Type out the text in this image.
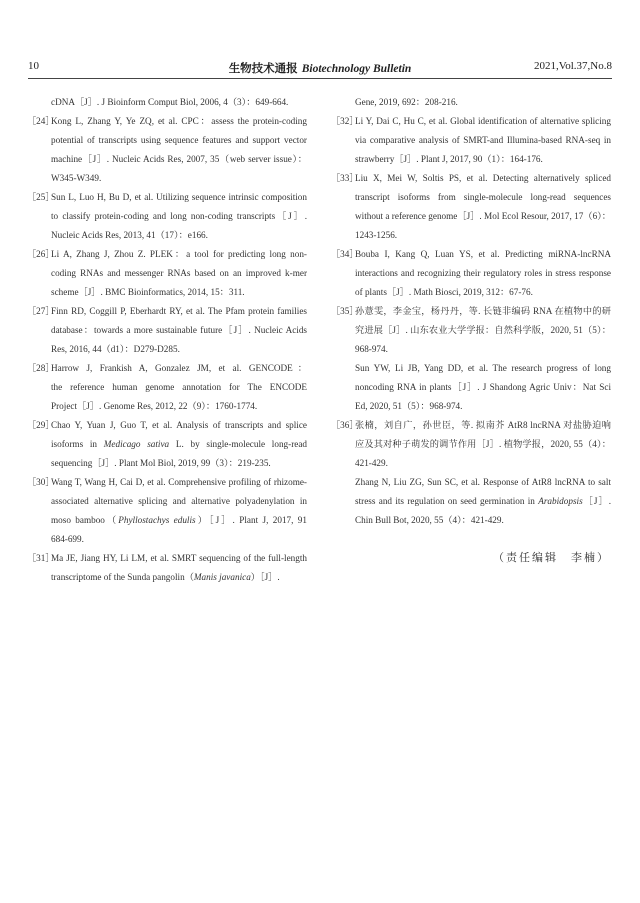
10	生物技术通报 Biotechnology Bulletin	2021,Vol.37,No.8
cDNA［J］. J Bioinform Comput Biol, 2006, 4（3）：649-664.
［24］
Kong L, Zhang Y, Ye ZQ, et al. CPC：assess the protein-coding
potential of transcripts using sequence features and support vector
machine［J］. Nucleic Acids Res, 2007, 35（web server issue）：
W345-W349.
［25］
Sun L, Luo H, Bu D, et al. Utilizing sequence intrinsic composition
to classify protein-coding and long non-coding transcripts［J］.
Nucleic Acids Res, 2013, 41（17）：e166.
［26］
Li A, Zhang J, Zhou Z. PLEK：a tool for predicting long non-
coding RNAs and messenger RNAs based on an improved k-mer
scheme［J］. BMC Bioinformatics, 2014, 15：311.
［27］
Finn RD, Coggill P, Eberhardt RY, et al. The Pfam protein families
database：towards a more sustainable future［J］. Nucleic Acids
Res, 2016, 44（d1）：D279-D285.
［28］
Harrow J, Frankish A, Gonzalez JM, et al. GENCODE：
the reference human genome annotation for The ENCODE
Project［J］. Genome Res, 2012, 22（9）：1760-1774.
［29］
Chao Y, Yuan J, Guo T, et al. Analysis of transcripts and splice
isoforms in Medicago sativa L. by single-molecule long-read
sequencing［J］. Plant Mol Biol, 2019, 99（3）：219-235.
［30］
Wang T, Wang H, Cai D, et al. Comprehensive profiling of rhizome-
associated alternative splicing and alternative polyadenylation in
moso bamboo（Phyllostachys edulis）［J］. Plant J, 2017, 91
684-699.
［31］
Ma JE, Jiang HY, Li LM, et al. SMRT sequencing of the full-length
transcriptome of the Sunda pangolin（Manis javanica）［J］.
Gene, 2019, 692：208-216.
［32］
Li Y, Dai C, Hu C, et al. Global identification of alternative splicing
via comparative analysis of SMRT-and Illumina-based RNA-seq in
strawberry［J］. Plant J, 2017, 90（1）：164-176.
［33］
Liu X, Mei W, Soltis PS, et al. Detecting alternatively spliced
transcript isoforms from single-molecule long-read sequences
without a reference genome［J］. Mol Ecol Resour, 2017, 17（6）：
1243-1256.
［34］
Bouba I, Kang Q, Luan YS, et al. Predicting miRNA-lncRNA
interactions and recognizing their regulatory roles in stress response
of plants［J］. Math Biosci, 2019, 312：67-76.
［35］
孙薏雯，李金宝，杨丹丹，等. 长链非编码 RNA 在植物中的研
究进展［J］. 山东农业大学学报：自然科学版，2020, 51（5）：
968-974.
Sun YW, Li JB, Yang DD, et al. The research progress of long
noncoding RNA in plants［J］. J Shandong Agric Univ：Nat Sci
Ed, 2020, 51（5）：968-974.
［36］
张楠，刘自广，孙世臣，等. 拟南芥 AtR8 lncRNA 对盐胁迫响
应及其对种子萌发的调节作用［J］. 植物学报，2020, 55（4）：
421-429.
Zhang N, Liu ZG, Sun SC, et al. Response of AtR8 lncRNA to salt
stress and its regulation on seed germination in Arabidopsis［J］.
Chin Bull Bot, 2020, 55（4）：421-429.
（责任编辑　李楠）
